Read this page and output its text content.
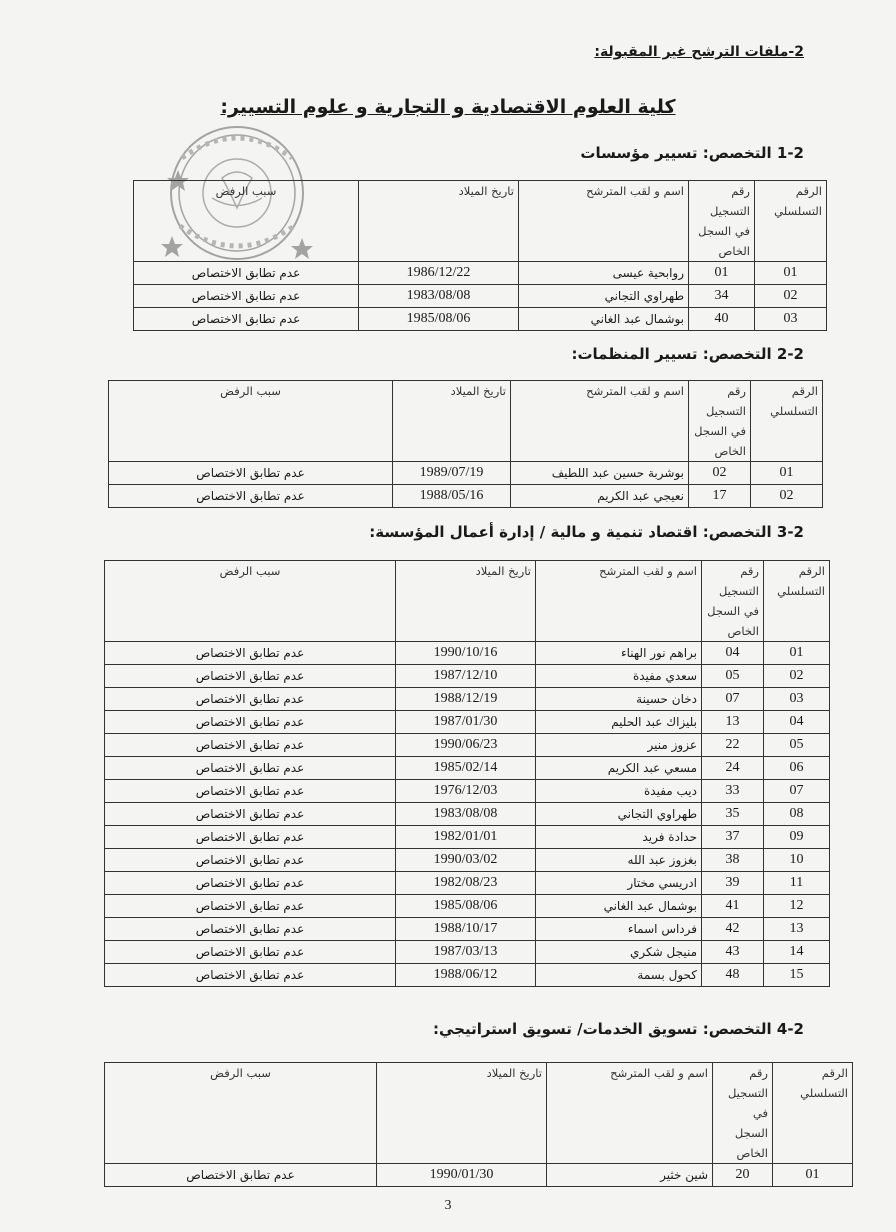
2-ملفات الترشح غير المقبولة:
كلية العلوم الاقتصادية و التجارية و علوم التسيير:
1-2 التخصص: تسيير مؤسسات
الرقم التسلسلي	رقم التسجيل في السجل الخاص	اسم و لقب المترشح	تاريخ الميلاد	سبب الرفض
01	01	روابحية عيسى	1986/12/22	عدم تطابق الاختصاص
02	34	طهراوي التجاني	1983/08/08	عدم تطابق الاختصاص
03	40	بوشمال عبد الغاني	1985/08/06	عدم تطابق الاختصاص
2-2 التخصص: تسيير المنظمات:
الرقم التسلسلي	رقم التسجيل في السجل الخاص	اسم و لقب المترشح	تاريخ الميلاد	سبب الرفض
01	02	بوشربة حسين عبد اللطيف	1989/07/19	عدم تطابق الاختصاص
02	17	نعيجي عبد الكريم	1988/05/16	عدم تطابق الاختصاص
3-2 التخصص: اقتصاد تنمية و مالية / إدارة أعمال المؤسسة:
الرقم التسلسلي	رقم التسجيل في السجل الخاص	اسم و لقب المترشح	تاريخ الميلاد	سبب الرفض
01	04	براهم نور الهناء	1990/10/16	عدم تطابق الاختصاص
02	05	سعدي مفيدة	1987/12/10	عدم تطابق الاختصاص
03	07	دخان حسينة	1988/12/19	عدم تطابق الاختصاص
04	13	بليزاك عبد الحليم	1987/01/30	عدم تطابق الاختصاص
05	22	عزوز منير	1990/06/23	عدم تطابق الاختصاص
06	24	مسعي عبد الكريم	1985/02/14	عدم تطابق الاختصاص
07	33	ديب مفيدة	1976/12/03	عدم تطابق الاختصاص
08	35	طهراوي التجاني	1983/08/08	عدم تطابق الاختصاص
09	37	حدادة فريد	1982/01/01	عدم تطابق الاختصاص
10	38	بغزوز عبد الله	1990/03/02	عدم تطابق الاختصاص
11	39	ادريسي مختار	1982/08/23	عدم تطابق الاختصاص
12	41	بوشمال عبد الغاني	1985/08/06	عدم تطابق الاختصاص
13	42	فرداس اسماء	1988/10/17	عدم تطابق الاختصاص
14	43	منيجل شكري	1987/03/13	عدم تطابق الاختصاص
15	48	كحول بسمة	1988/06/12	عدم تطابق الاختصاص
4-2 التخصص: تسويق الخدمات/ تسويق استراتيجي:
الرقم التسلسلي	رقم التسجيل في السجل الخاص	اسم و لقب المترشح	تاريخ الميلاد	سبب الرفض
01	20	شين خثير	1990/01/30	عدم تطابق الاختصاص
3
